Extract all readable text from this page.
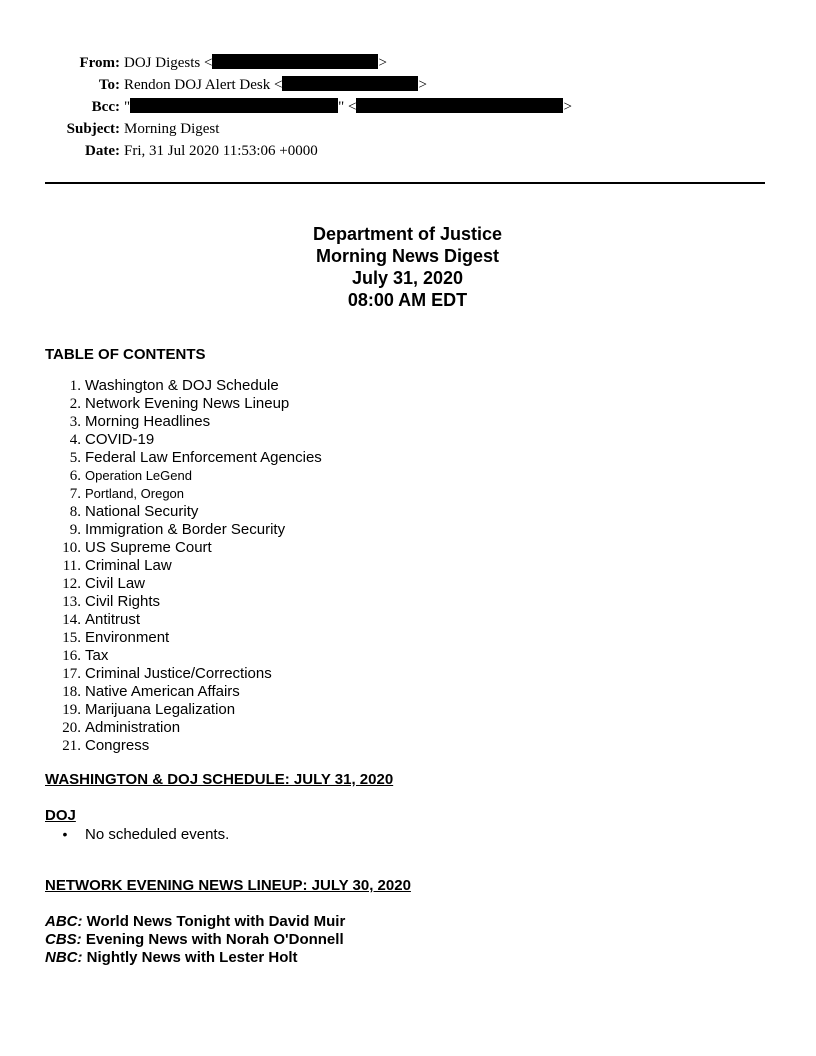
From: DOJ Digests <	>
To: Rendon DOJ Alert Desk <	>
Bcc: "	" <	>
Subject: Morning Digest
Date: Fri, 31 Jul 2020 11:53:06 +0000
Department of Justice
Morning News Digest
July 31, 2020
08:00 AM EDT
TABLE OF CONTENTS
1. Washington & DOJ Schedule
2. Network Evening News Lineup
3. Morning Headlines
4. COVID-19
5. Federal Law Enforcement Agencies
6. Operation LeGend
7. Portland, Oregon
8. National Security
9. Immigration & Border Security
10. US Supreme Court
11. Criminal Law
12. Civil Law
13. Civil Rights
14. Antitrust
15. Environment
16. Tax
17. Criminal Justice/Corrections
18. Native American Affairs
19. Marijuana Legalization
20. Administration
21. Congress
WASHINGTON & DOJ SCHEDULE: JULY 31, 2020
DOJ
• No scheduled events.
NETWORK EVENING NEWS LINEUP: JULY 30, 2020
ABC: World News Tonight with David Muir
CBS: Evening News with Norah O'Donnell
NBC: Nightly News with Lester Holt
